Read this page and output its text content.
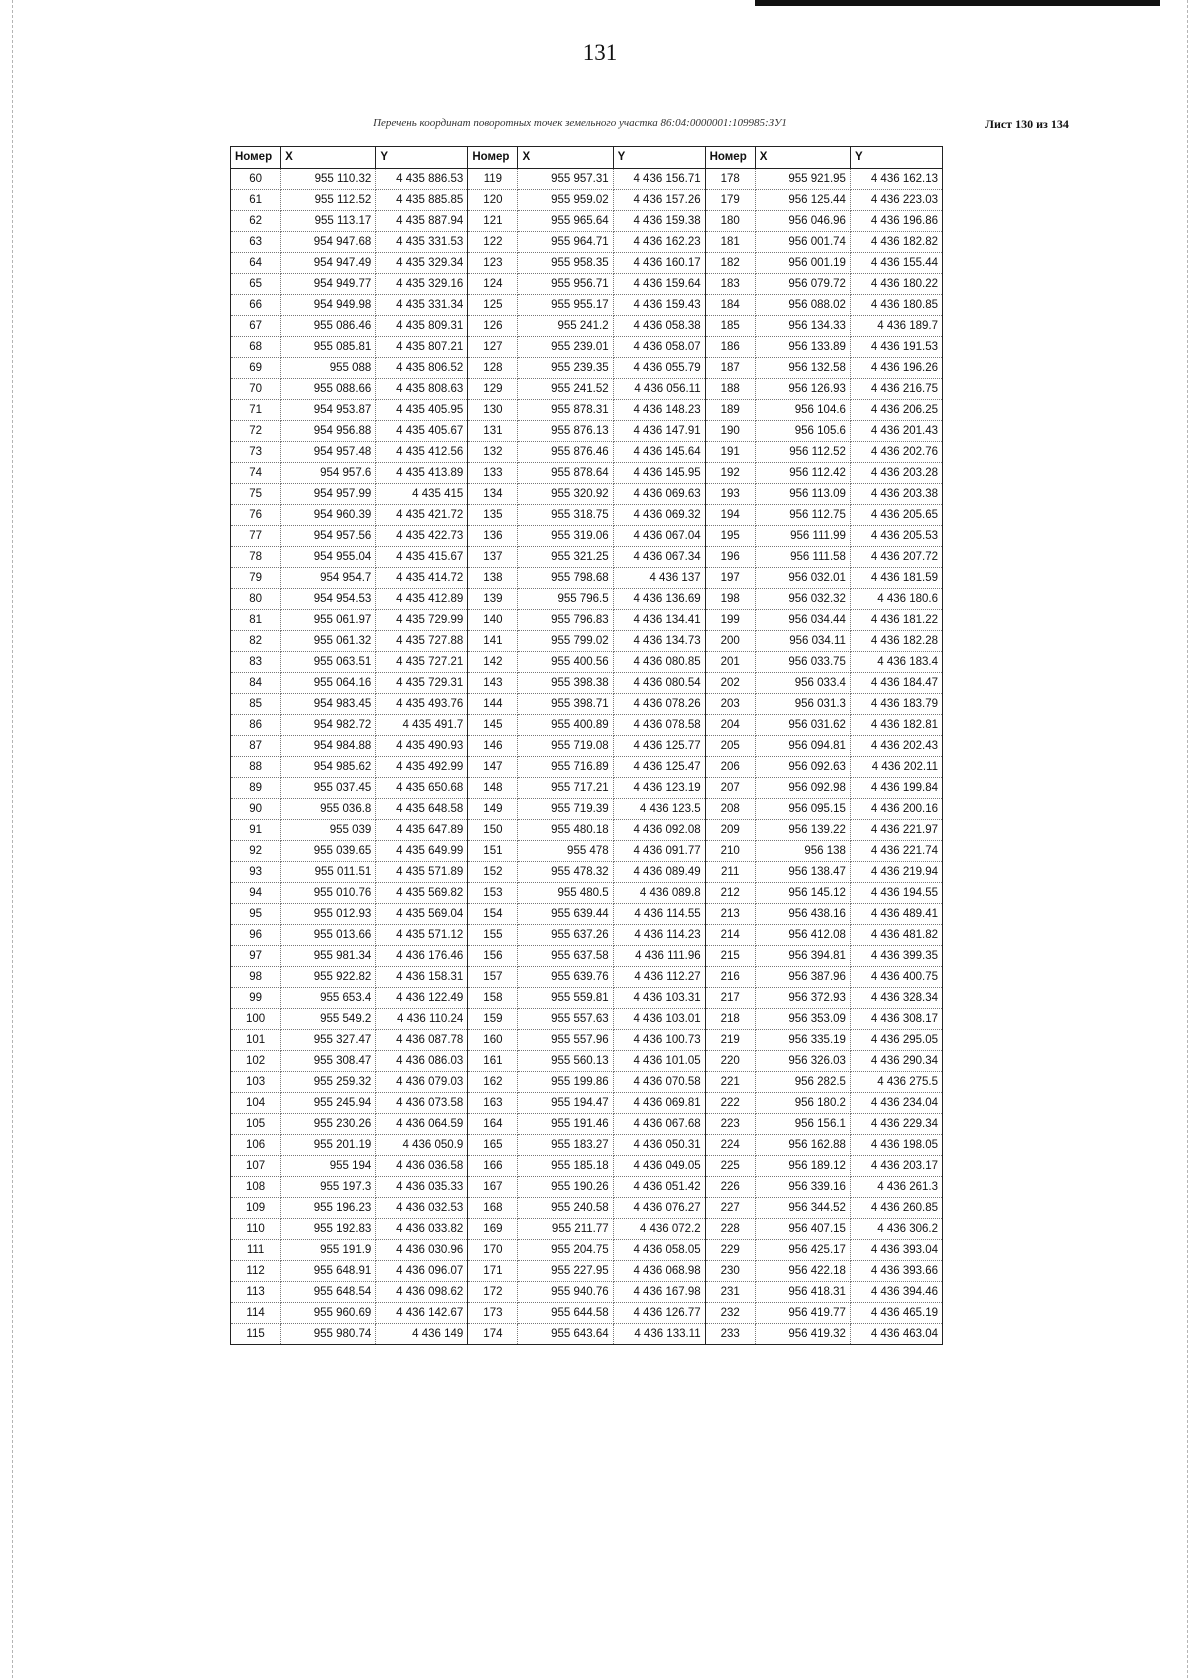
131
Перечень координат поворотных точек земельного участка 86:04:0000001:109985:ЗУ1	Лист 130 из 134
Номер	X	Y	Номер	X	Y	Номер	X	Y
60	955 110.32	4 435 886.53	119	955 957.31	4 436 156.71	178	955 921.95	4 436 162.13
61	955 112.52	4 435 885.85	120	955 959.02	4 436 157.26	179	956 125.44	4 436 223.03
62	955 113.17	4 435 887.94	121	955 965.64	4 436 159.38	180	956 046.96	4 436 196.86
63	954 947.68	4 435 331.53	122	955 964.71	4 436 162.23	181	956 001.74	4 436 182.82
64	954 947.49	4 435 329.34	123	955 958.35	4 436 160.17	182	956 001.19	4 436 155.44
65	954 949.77	4 435 329.16	124	955 956.71	4 436 159.64	183	956 079.72	4 436 180.22
66	954 949.98	4 435 331.34	125	955 955.17	4 436 159.43	184	956 088.02	4 436 180.85
67	955 086.46	4 435 809.31	126	955 241.2	4 436 058.38	185	956 134.33	4 436 189.7
68	955 085.81	4 435 807.21	127	955 239.01	4 436 058.07	186	956 133.89	4 436 191.53
69	955 088	4 435 806.52	128	955 239.35	4 436 055.79	187	956 132.58	4 436 196.26
70	955 088.66	4 435 808.63	129	955 241.52	4 436 056.11	188	956 126.93	4 436 216.75
71	954 953.87	4 435 405.95	130	955 878.31	4 436 148.23	189	956 104.6	4 436 206.25
72	954 956.88	4 435 405.67	131	955 876.13	4 436 147.91	190	956 105.6	4 436 201.43
73	954 957.48	4 435 412.56	132	955 876.46	4 436 145.64	191	956 112.52	4 436 202.76
74	954 957.6	4 435 413.89	133	955 878.64	4 436 145.95	192	956 112.42	4 436 203.28
75	954 957.99	4 435 415	134	955 320.92	4 436 069.63	193	956 113.09	4 436 203.38
76	954 960.39	4 435 421.72	135	955 318.75	4 436 069.32	194	956 112.75	4 436 205.65
77	954 957.56	4 435 422.73	136	955 319.06	4 436 067.04	195	956 111.99	4 436 205.53
78	954 955.04	4 435 415.67	137	955 321.25	4 436 067.34	196	956 111.58	4 436 207.72
79	954 954.7	4 435 414.72	138	955 798.68	4 436 137	197	956 032.01	4 436 181.59
80	954 954.53	4 435 412.89	139	955 796.5	4 436 136.69	198	956 032.32	4 436 180.6
81	955 061.97	4 435 729.99	140	955 796.83	4 436 134.41	199	956 034.44	4 436 181.22
82	955 061.32	4 435 727.88	141	955 799.02	4 436 134.73	200	956 034.11	4 436 182.28
83	955 063.51	4 435 727.21	142	955 400.56	4 436 080.85	201	956 033.75	4 436 183.4
84	955 064.16	4 435 729.31	143	955 398.38	4 436 080.54	202	956 033.4	4 436 184.47
85	954 983.45	4 435 493.76	144	955 398.71	4 436 078.26	203	956 031.3	4 436 183.79
86	954 982.72	4 435 491.7	145	955 400.89	4 436 078.58	204	956 031.62	4 436 182.81
87	954 984.88	4 435 490.93	146	955 719.08	4 436 125.77	205	956 094.81	4 436 202.43
88	954 985.62	4 435 492.99	147	955 716.89	4 436 125.47	206	956 092.63	4 436 202.11
89	955 037.45	4 435 650.68	148	955 717.21	4 436 123.19	207	956 092.98	4 436 199.84
90	955 036.8	4 435 648.58	149	955 719.39	4 436 123.5	208	956 095.15	4 436 200.16
91	955 039	4 435 647.89	150	955 480.18	4 436 092.08	209	956 139.22	4 436 221.97
92	955 039.65	4 435 649.99	151	955 478	4 436 091.77	210	956 138	4 436 221.74
93	955 011.51	4 435 571.89	152	955 478.32	4 436 089.49	211	956 138.47	4 436 219.94
94	955 010.76	4 435 569.82	153	955 480.5	4 436 089.8	212	956 145.12	4 436 194.55
95	955 012.93	4 435 569.04	154	955 639.44	4 436 114.55	213	956 438.16	4 436 489.41
96	955 013.66	4 435 571.12	155	955 637.26	4 436 114.23	214	956 412.08	4 436 481.82
97	955 981.34	4 436 176.46	156	955 637.58	4 436 111.96	215	956 394.81	4 436 399.35
98	955 922.82	4 436 158.31	157	955 639.76	4 436 112.27	216	956 387.96	4 436 400.75
99	955 653.4	4 436 122.49	158	955 559.81	4 436 103.31	217	956 372.93	4 436 328.34
100	955 549.2	4 436 110.24	159	955 557.63	4 436 103.01	218	956 353.09	4 436 308.17
101	955 327.47	4 436 087.78	160	955 557.96	4 436 100.73	219	956 335.19	4 436 295.05
102	955 308.47	4 436 086.03	161	955 560.13	4 436 101.05	220	956 326.03	4 436 290.34
103	955 259.32	4 436 079.03	162	955 199.86	4 436 070.58	221	956 282.5	4 436 275.5
104	955 245.94	4 436 073.58	163	955 194.47	4 436 069.81	222	956 180.2	4 436 234.04
105	955 230.26	4 436 064.59	164	955 191.46	4 436 067.68	223	956 156.1	4 436 229.34
106	955 201.19	4 436 050.9	165	955 183.27	4 436 050.31	224	956 162.88	4 436 198.05
107	955 194	4 436 036.58	166	955 185.18	4 436 049.05	225	956 189.12	4 436 203.17
108	955 197.3	4 436 035.33	167	955 190.26	4 436 051.42	226	956 339.16	4 436 261.3
109	955 196.23	4 436 032.53	168	955 240.58	4 436 076.27	227	956 344.52	4 436 260.85
110	955 192.83	4 436 033.82	169	955 211.77	4 436 072.2	228	956 407.15	4 436 306.2
111	955 191.9	4 436 030.96	170	955 204.75	4 436 058.05	229	956 425.17	4 436 393.04
112	955 648.91	4 436 096.07	171	955 227.95	4 436 068.98	230	956 422.18	4 436 393.66
113	955 648.54	4 436 098.62	172	955 940.76	4 436 167.98	231	956 418.31	4 436 394.46
114	955 960.69	4 436 142.67	173	955 644.58	4 436 126.77	232	956 419.77	4 436 465.19
115	955 980.74	4 436 149	174	955 643.64	4 436 133.11	233	956 419.32	4 436 463.04
